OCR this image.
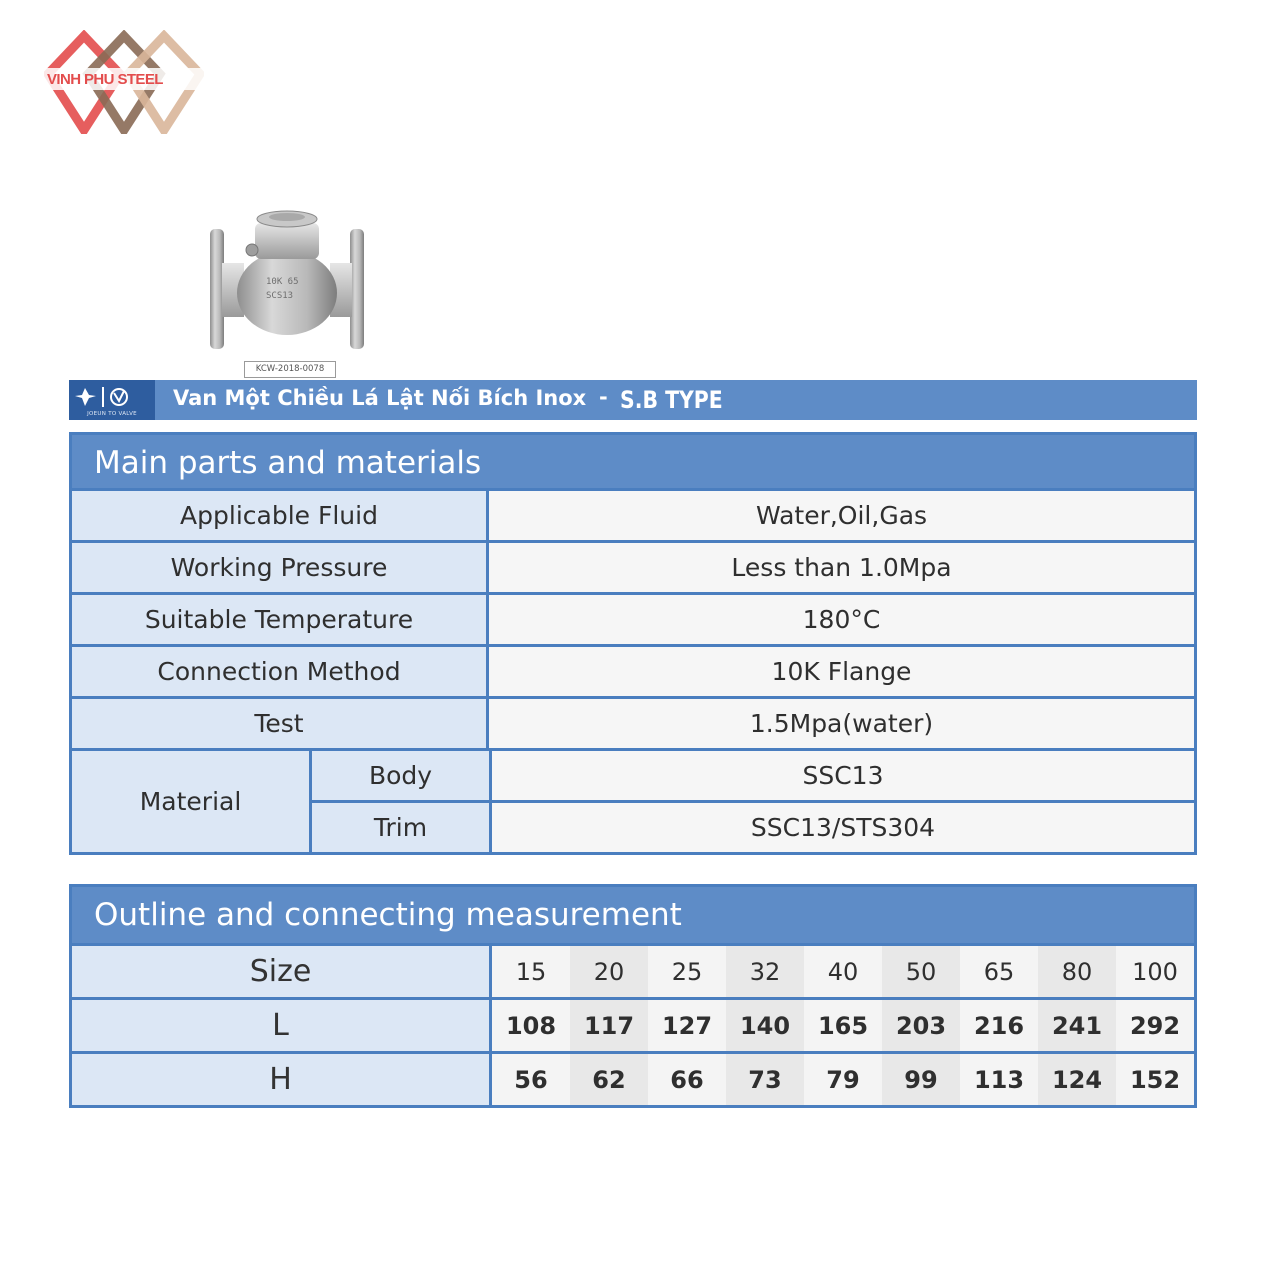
VINH PHU STEEL
10K 65
SCS13
KCW-2018-0078
JOEUN TO VALVE
Van Một Chiều Lá Lật Nối Bích Inox - S.B TYPE
Main parts and materials
Applicable Fluid	Water,Oil,Gas
Working Pressure	Less than 1.0Mpa
Suitable Temperature	180°C
Connection Method	10K Flange
Test	1.5Mpa(water)
Material
Body	SSC13
Trim	SSC13/STS304
Outline and connecting measurement
Size	15	20	25	32	40	50	65	80	100
L	108	117	127	140	165	203	216	241	292
H	56	62	66	73	79	99	113	124	152
